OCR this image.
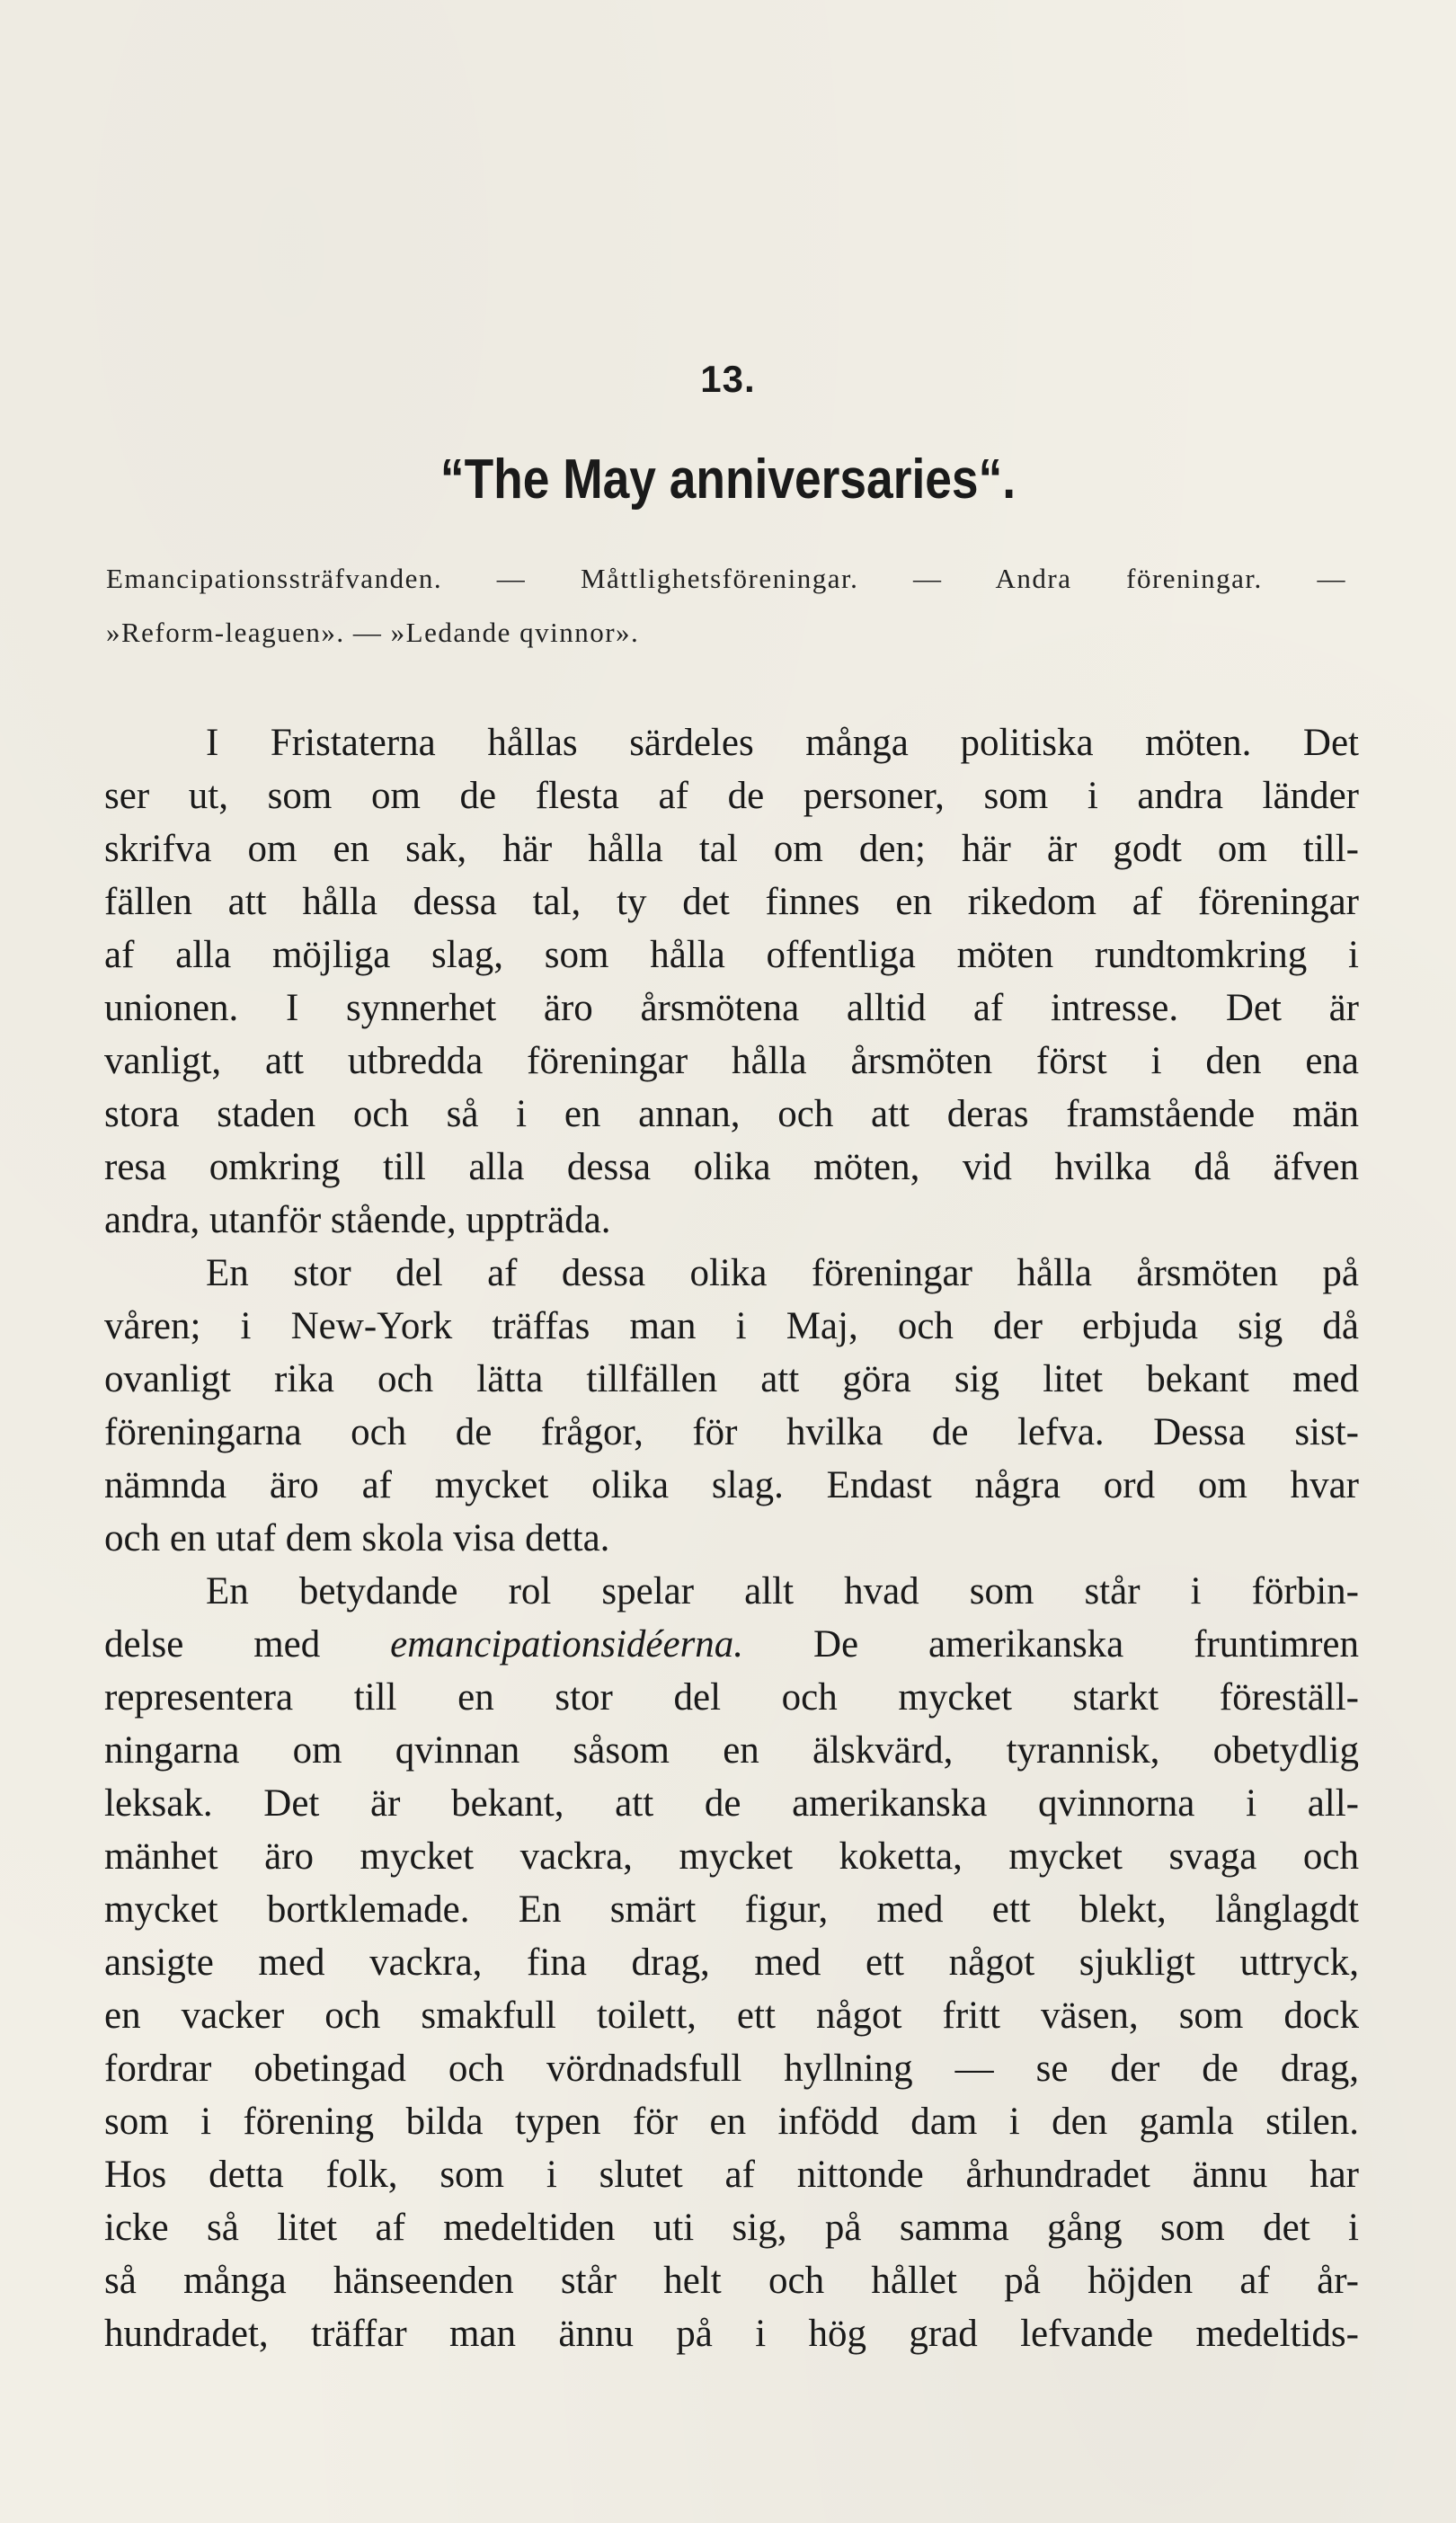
13.
“The May anniversaries“.
Emancipationssträfvanden. — Måttlighetsföreningar. — Andra föreningar. —
»Reform-leaguen». — »Ledande qvinnor».
I Fristaterna hållas särdeles många politiska möten. Det
ser ut, som om de flesta af de personer, som i andra länder
skrifva om en sak, här hålla tal om den; här är godt om till-
fällen att hålla dessa tal, ty det finnes en rikedom af föreningar
af alla möjliga slag, som hålla offentliga möten rundtomkring i
unionen. I synnerhet äro årsmötena alltid af intresse. Det är
vanligt, att utbredda föreningar hålla årsmöten först i den ena
stora staden och så i en annan, och att deras framstående män
resa omkring till alla dessa olika möten, vid hvilka då äfven
andra, utanför stående, uppträda.
En stor del af dessa olika föreningar hålla årsmöten på
våren; i New-York träffas man i Maj, och der erbjuda sig då
ovanligt rika och lätta tillfällen att göra sig litet bekant med
föreningarna och de frågor, för hvilka de lefva. Dessa sist-
nämnda äro af mycket olika slag. Endast några ord om hvar
och en utaf dem skola visa detta.
En betydande rol spelar allt hvad som står i förbin-
delse med emancipationsidéerna. De amerikanska fruntimren
representera till en stor del och mycket starkt föreställ-
ningarna om qvinnan såsom en älskvärd, tyrannisk, obetydlig
leksak. Det är bekant, att de amerikanska qvinnorna i all-
mänhet äro mycket vackra, mycket koketta, mycket svaga och
mycket bortklemade. En smärt figur, med ett blekt, långlagdt
ansigte med vackra, fina drag, med ett något sjukligt uttryck,
en vacker och smakfull toilett, ett något fritt väsen, som dock
fordrar obetingad och vördnadsfull hyllning — se der de drag,
som i förening bilda typen för en infödd dam i den gamla stilen.
Hos detta folk, som i slutet af nittonde århundradet ännu har
icke så litet af medeltiden uti sig, på samma gång som det i
så många hänseenden står helt och hållet på höjden af år-
hundradet, träffar man ännu på i hög grad lefvande medeltids-
